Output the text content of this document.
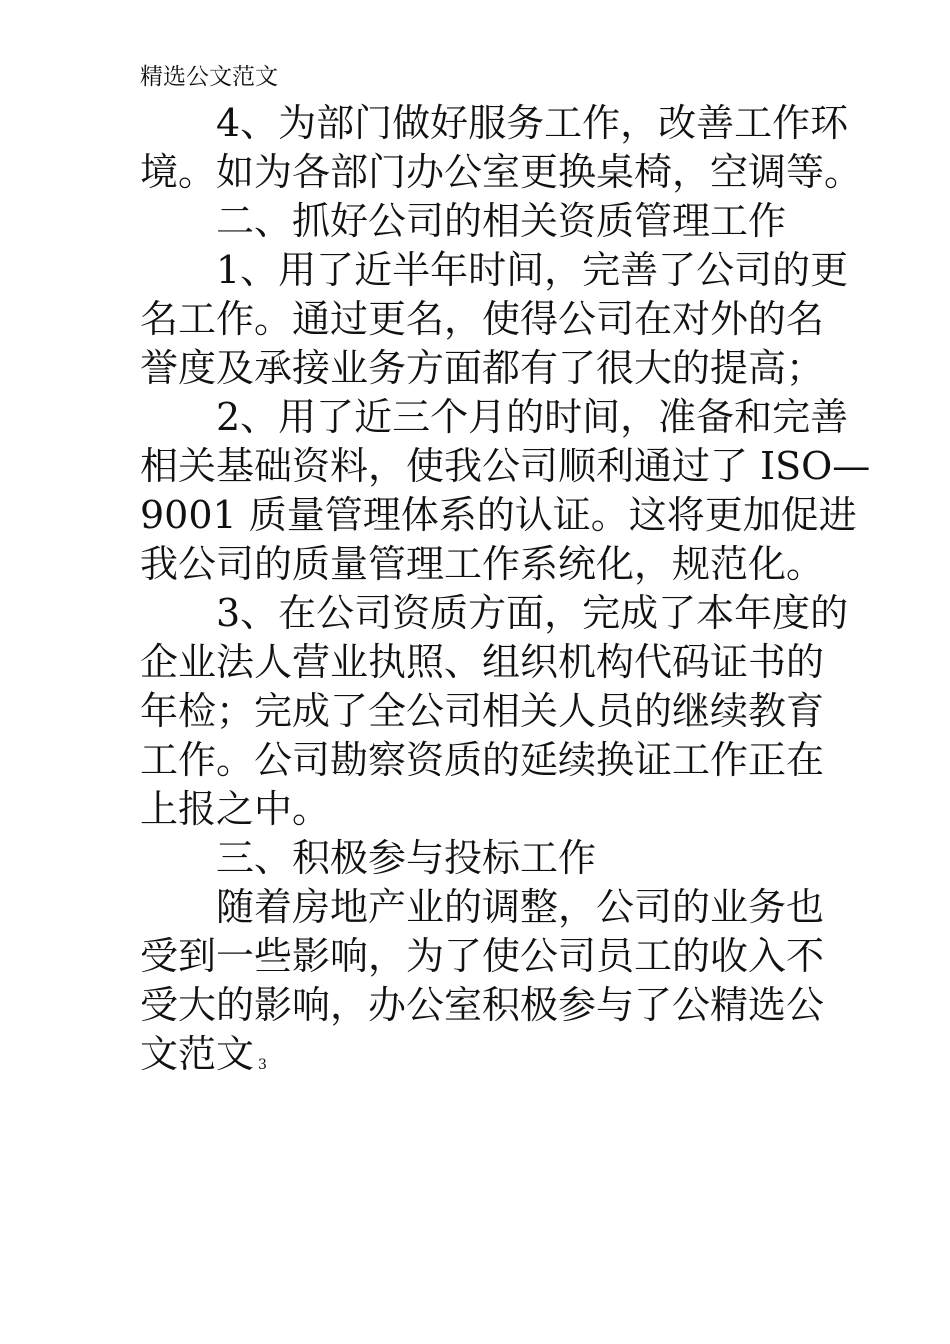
精选公文范文
4、为部门做好服务工作，改善工作环
境。如为各部门办公室更换桌椅，空调等。
二、抓好公司的相关资质管理工作
1、用了近半年时间，完善了公司的更
名工作。通过更名，使得公司在对外的名
誉度及承接业务方面都有了很大的提高；
2、用了近三个月的时间，准备和完善
相关基础资料，使我公司顺利通过了 ISO—
9001 质量管理体系的认证。这将更加促进
我公司的质量管理工作系统化，规范化。
3、在公司资质方面，完成了本年度的
企业法人营业执照、组织机构代码证书的
年检；完成了全公司相关人员的继续教育
工作。公司勘察资质的延续换证工作正在
上报之中。
三、积极参与投标工作
随着房地产业的调整，公司的业务也
受到一些影响，为了使公司员工的收入不
受大的影响，办公室积极参与了公精选公
文范文 3
